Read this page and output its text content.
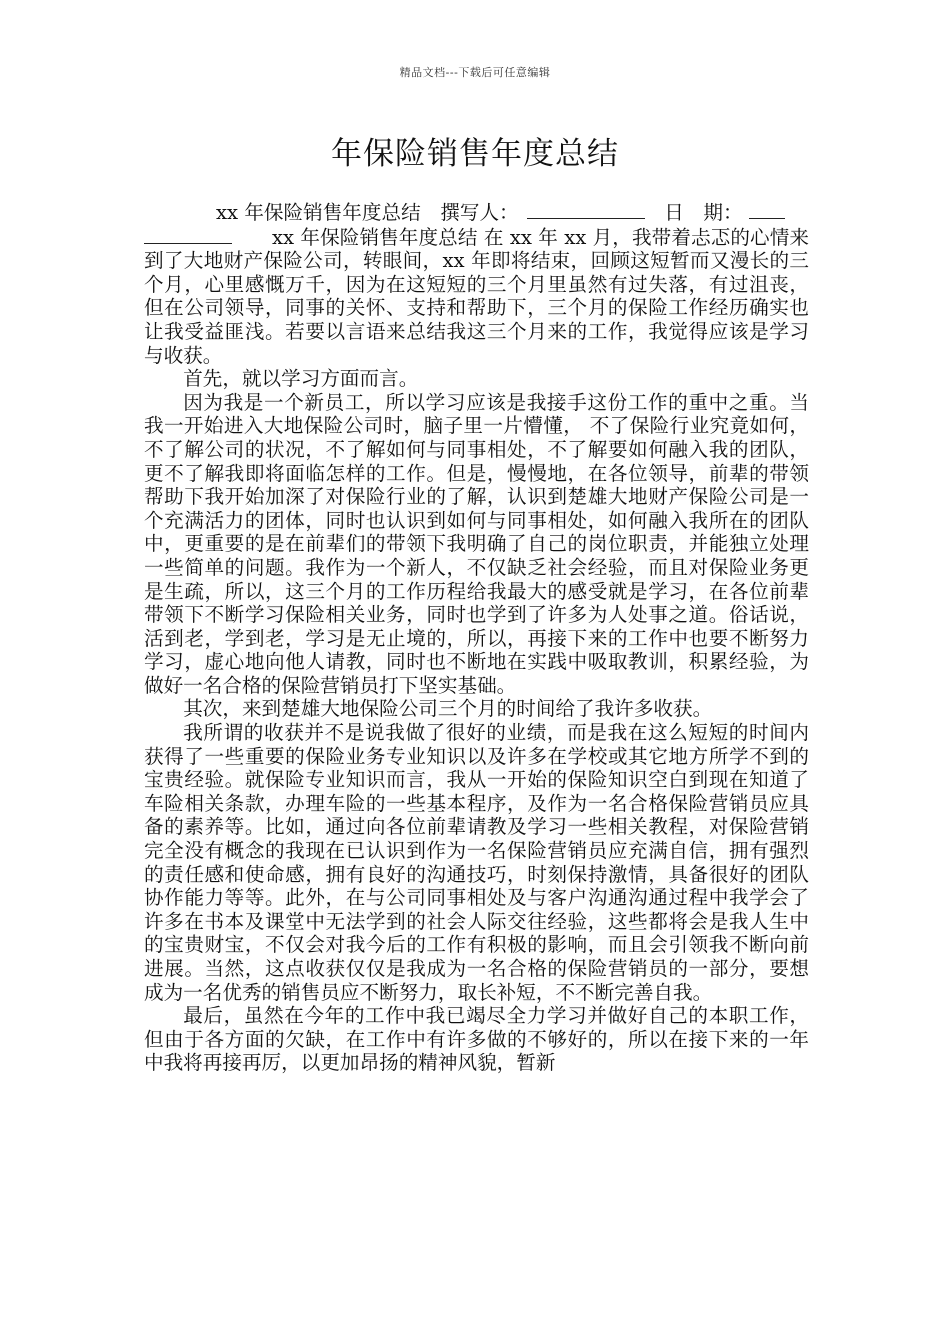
精品文档---下载后可任意编辑
年保险销售年度总结
xx 年保险销售年度总结　 撰写人：　	日　期：

xx 年保险销售年度总结 在 xx 年 xx 月，我带着忐忑的心情来到了大地财产保险公司，转眼间，xx 年即将结束，回顾这短暂而又漫长的三个月，心里感慨万千，因为在这短短的三个月里虽然有过失落，有过沮丧，但在公司领导，同事的关怀、支持和帮助下，三个月的保险工作经历确实也让我受益匪浅。若要以言语来总结我这三个月来的工作，我觉得应该是学习与收获。

首先，就以学习方面而言。

因为我是一个新员工，所以学习应该是我接手这份工作的重中之重。当我一开始进入大地保险公司时，脑子里一片懵懂， 不了保险行业究竟如何，不了解公司的状况，不了解如何与同事相处，不了解要如何融入我的团队，更不了解我即将面临怎样的工作。但是，慢慢地，在各位领导，前辈的带领帮助下我开始加深了对保险行业的了解，认识到楚雄大地财产保险公司是一个充满活力的团体，同时也认识到如何与同事相处，如何融入我所在的团队中，更重要的是在前辈们的带领下我明确了自己的岗位职责，并能独立处理一些简单的问题。我作为一个新人，不仅缺乏社会经验，而且对保险业务更是生疏，所以，这三个月的工作历程给我最大的感受就是学习，在各位前辈带领下不断学习保险相关业务，同时也学到了许多为人处事之道。俗话说，活到老，学到老，学习是无止境的，所以，再接下来的工作中也要不断努力学习，虚心地向他人请教，同时也不断地在实践中吸取教训，积累经验，为做好一名合格的保险营销员打下坚实基础。

其次，来到楚雄大地保险公司三个月的时间给了我许多收获。

我所谓的收获并不是说我做了很好的业绩，而是我在这么短短的时间内获得了一些重要的保险业务专业知识以及许多在学校或其它地方所学不到的宝贵经验。就保险专业知识而言，我从一开始的保险知识空白到现在知道了车险相关条款，办理车险的一些基本程序，及作为一名合格保险营销员应具备的素养等。比如，通过向各位前辈请教及学习一些相关教程，对保险营销完全没有概念的我现在已认识到作为一名保险营销员应充满自信，拥有强烈的责任感和使命感，拥有良好的沟通技巧，时刻保持激情，具备很好的团队协作能力等等。此外，在与公司同事相处及与客户沟通沟通过程中我学会了许多在书本及课堂中无法学到的社会人际交往经验，这些都将会是我人生中的宝贵财宝，不仅会对我今后的工作有积极的影响，而且会引领我不断向前进展。当然，这点收获仅仅是我成为一名合格的保险营销员的一部分，要想成为一名优秀的销售员应不断努力，取长补短，不不断完善自我。

最后，虽然在今年的工作中我已竭尽全力学习并做好自己的本职工作，但由于各方面的欠缺，在工作中有许多做的不够好的，所以在接下来的一年中我将再接再厉，以更加昂扬的精神风貌，暂新
